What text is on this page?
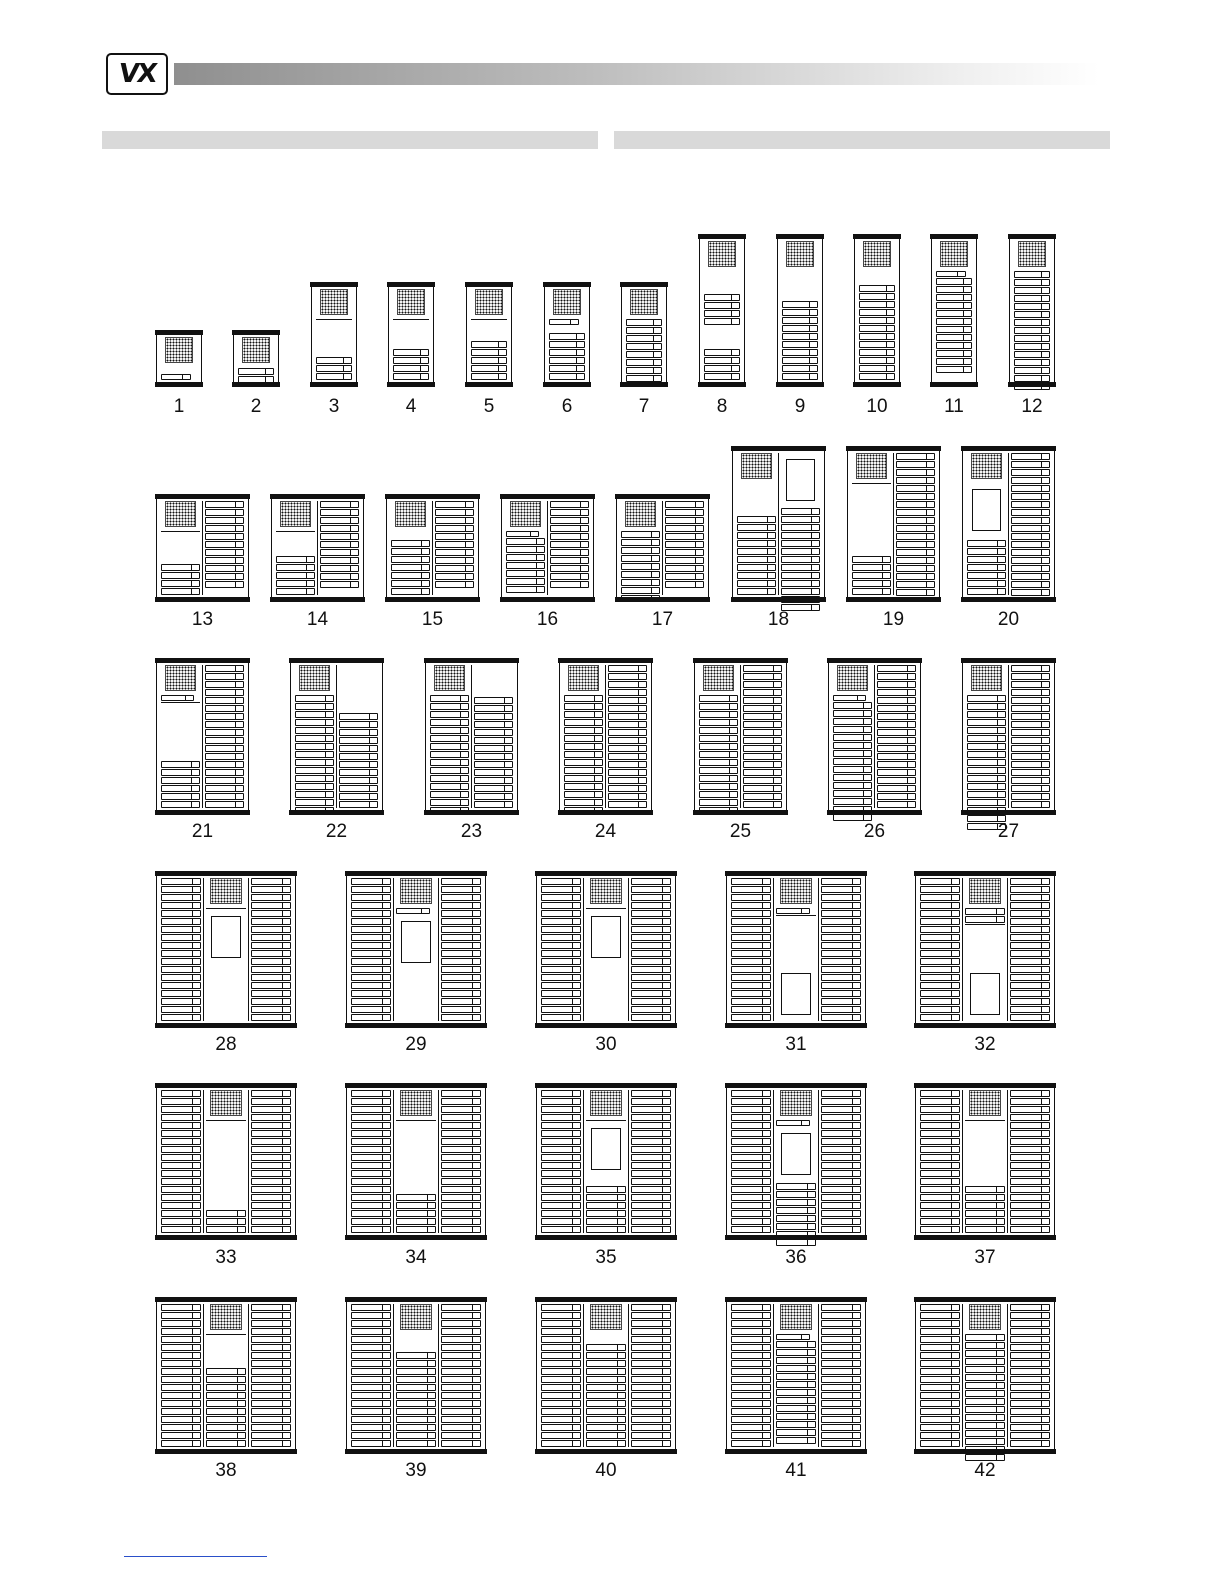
VX
1	2	3	4	5	6	7	8	9	10	11	12
13	14	15	16	17	18	19	20
21	22	23	24	25	26	27
28	29	30	31	32
33	34	35	36	37
38	39	40	41	42
